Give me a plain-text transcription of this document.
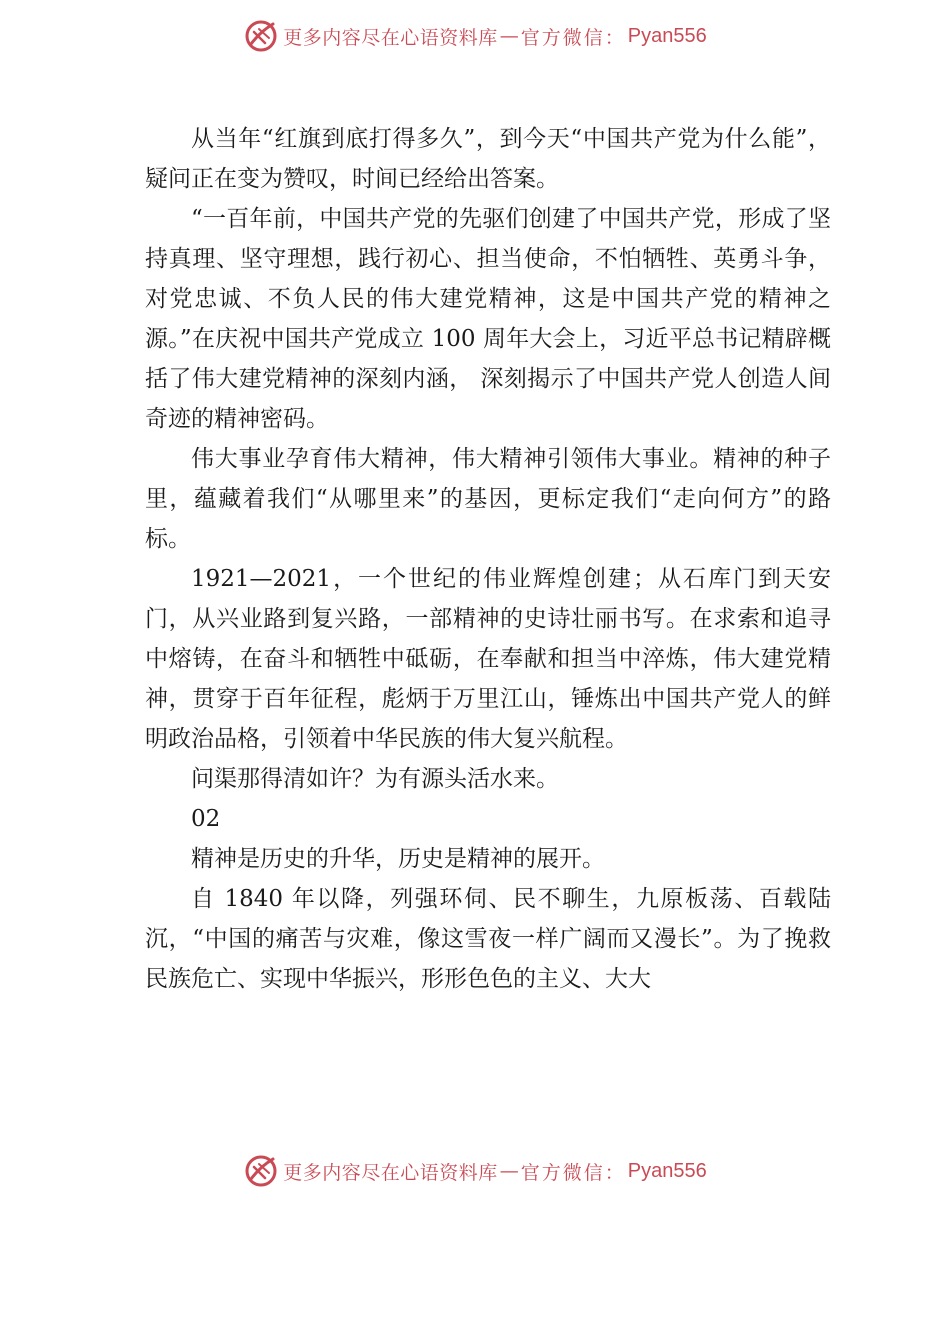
更多内容尽在心语资料库 — 官方微信： Pyan556

从当年“红旗到底打得多久”，到今天“中国共产党为什么能”，疑问正在变为赞叹，时间已经给出答案。

“一百年前，中国共产党的先驱们创建了中国共产党，形成了坚持真理、坚守理想，践行初心、担当使命，不怕牺牲、英勇斗争，对党忠诚、不负人民的伟大建党精神，这是中国共产党的精神之源。”在庆祝中国共产党成立 100 周年大会上，习近平总书记精辟概括了伟大建党精神的深刻内涵， 深刻揭示了中国共产党人创造人间奇迹的精神密码。

伟大事业孕育伟大精神，伟大精神引领伟大事业。精神的种子里，蕴藏着我们“从哪里来”的基因，更标定我们“走向何方”的路标。

1921—2021，一个世纪的伟业辉煌创建；从石库门到天安门，从兴业路到复兴路，一部精神的史诗壮丽书写。在求索和追寻中熔铸，在奋斗和牺牲中砥砺，在奉献和担当中淬炼，伟大建党精神，贯穿于百年征程，彪炳于万里江山，锤炼出中国共产党人的鲜明政治品格，引领着中华民族的伟大复兴航程。

问渠那得清如许？为有源头活水来。

02

精神是历史的升华，历史是精神的展开。

自 1840 年以降，列强环伺、民不聊生，九原板荡、百载陆沉，“中国的痛苦与灾难，像这雪夜一样广阔而又漫长”。为了挽救民族危亡、实现中华振兴，形形色色的主义、大大

更多内容尽在心语资料库 — 官方微信： Pyan556
